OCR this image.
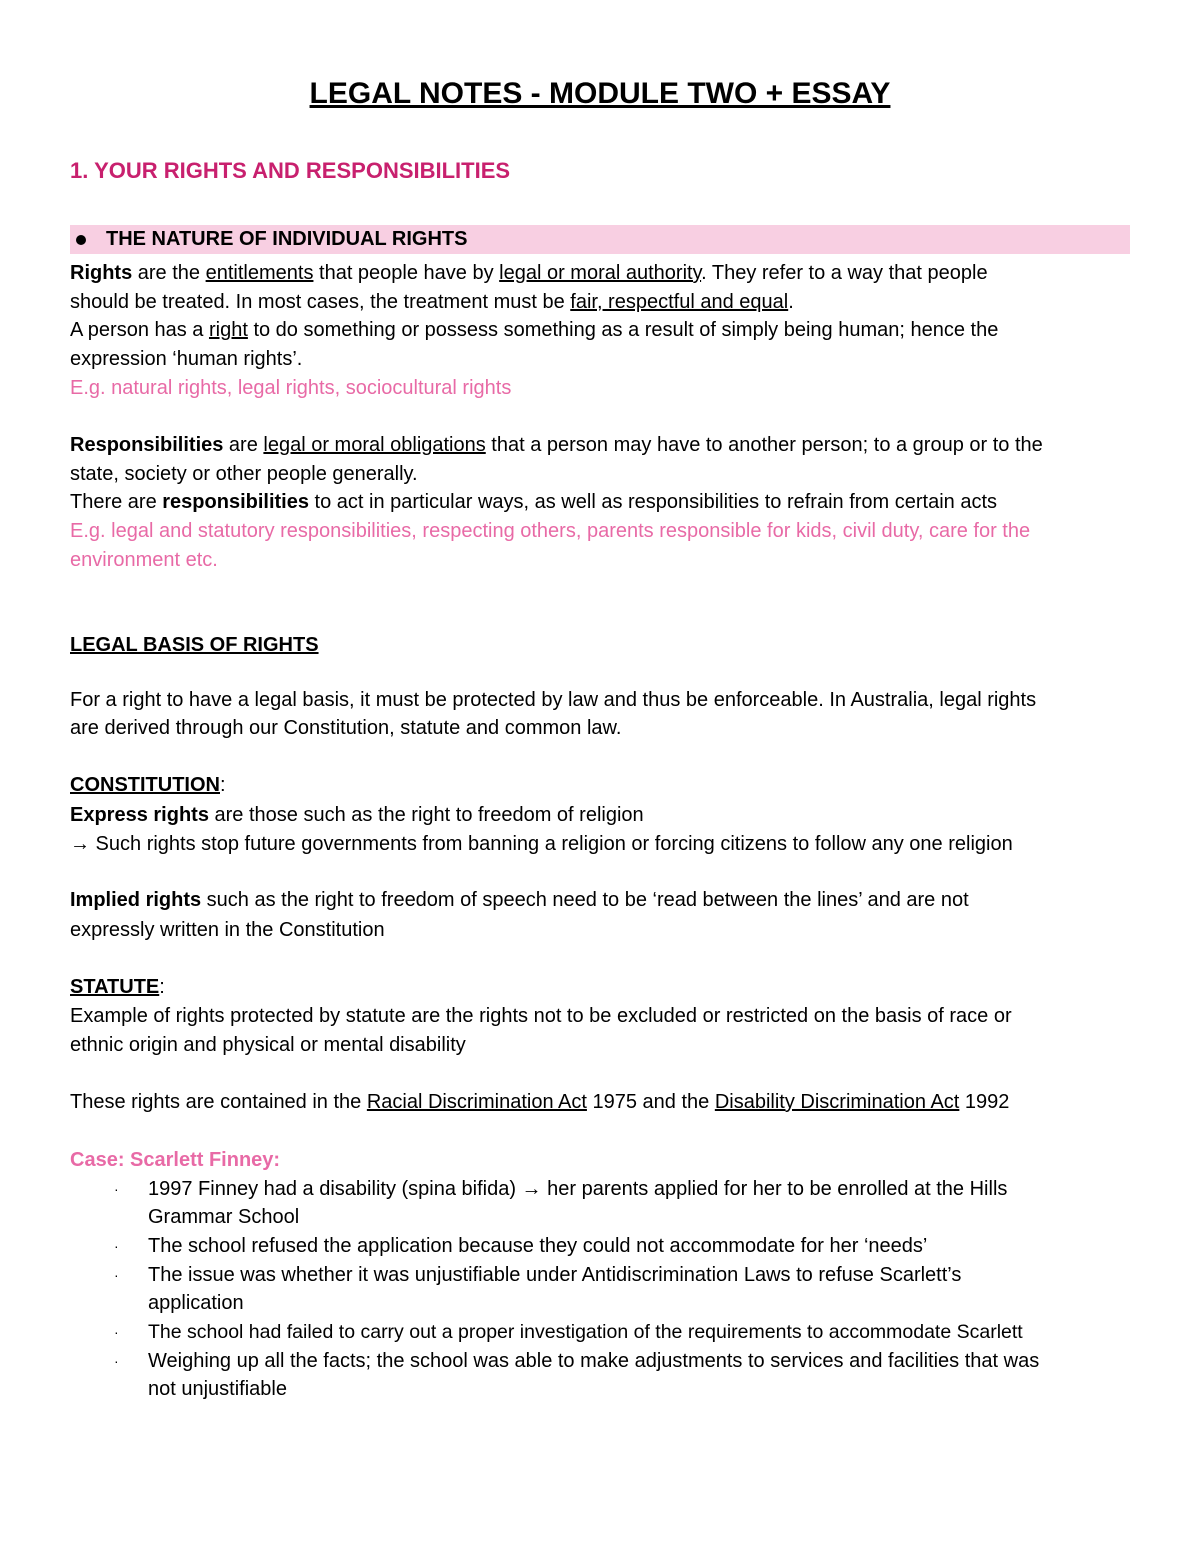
LEGAL NOTES - MODULE TWO + ESSAY
1. YOUR RIGHTS AND RESPONSIBILITIES
THE NATURE OF INDIVIDUAL RIGHTS
Rights are the entitlements that people have by legal or moral authority. They refer to a way that people
should be treated. In most cases, the treatment must be fair, respectful and equal.
A person has a right to do something or possess something as a result of simply being human; hence the
expression ‘human rights’.
E.g. natural rights, legal rights, sociocultural rights
Responsibilities are legal or moral obligations that a person may have to another person; to a group or to the
state, society or other people generally.
There are responsibilities to act in particular ways, as well as responsibilities to refrain from certain acts
E.g. legal and statutory responsibilities, respecting others, parents responsible for kids, civil duty, care for the
environment etc.
LEGAL BASIS OF RIGHTS
For a right to have a legal basis, it must be protected by law and thus be enforceable. In Australia, legal rights
are derived through our Constitution, statute and common law.
CONSTITUTION:
Express rights are those such as the right to freedom of religion
→ Such rights stop future governments from banning a religion or forcing citizens to follow any one religion
Implied rights such as the right to freedom of speech need to be ‘read between the lines’ and are not
expressly written in the Constitution
STATUTE:
Example of rights protected by statute are the rights not to be excluded or restricted on the basis of race or
ethnic origin and physical or mental disability
These rights are contained in the Racial Discrimination Act 1975 and the Disability Discrimination Act 1992
Case: Scarlett Finney:
· 1997 Finney had a disability (spina bifida) → her parents applied for her to be enrolled at the Hills
Grammar School
· The school refused the application because they could not accommodate for her ‘needs’
· The issue was whether it was unjustifiable under Antidiscrimination Laws to refuse Scarlett’s
application
· The school had failed to carry out a proper investigation of the requirements to accommodate Scarlett
· Weighing up all the facts; the school was able to make adjustments to services and facilities that was
not unjustifiable
